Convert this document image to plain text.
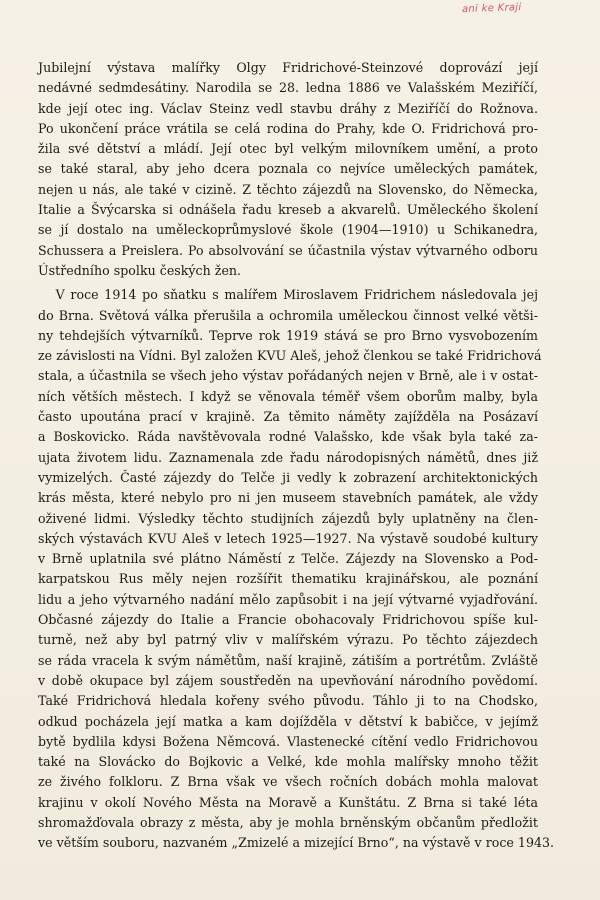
ani ke Kraji
Jubilejní výstava malířky Olgy Fridrichové-Steinzové doprovází její
nedávné sedmdesátiny. Narodila se 28. ledna 1886 ve Valašském Meziříčí,
kde její otec ing. Václav Steinz vedl stavbu dráhy z Meziříčí do Rožnova.
Po ukončení práce vrátila se celá rodina do Prahy, kde O. Fridrichová pro-
žila své dětství a mládí. Její otec byl velkým milovníkem umění, a proto
se také staral, aby jeho dcera poznala co nejvíce uměleckých památek,
nejen u nás, ale také v cizině. Z těchto zájezdů na Slovensko, do Německa,
Italie a Švýcarska si odnášela řadu kreseb a akvarelů. Uměleckého školení
se jí dostalo na uměleckoprůmyslové škole (1904—1910) u Schikanedra,
Schussera a Preislera. Po absolvování se účastnila výstav výtvarného odboru
Ústředního spolku českých žen.
V roce 1914 po sňatku s malířem Miroslavem Fridrichem následovala jej
do Brna. Světová válka přerušila a ochromila uměleckou činnost velké větši-
ny tehdejších výtvarníků. Teprve rok 1919 stává se pro Brno vysvobozením
ze závislosti na Vídni. Byl založen KVU Aleš, jehož členkou se také Fridrichová
stala, a účastnila se všech jeho výstav pořádaných nejen v Brně, ale i v ostat-
ních větších městech. I když se věnovala téměř všem oborům malby, byla
často upoutána prací v krajině. Za těmito náměty zajížděla na Posázaví
a Boskovicko. Ráda navštěvovala rodné Valašsko, kde však byla také za-
ujata životem lidu. Zaznamenala zde řadu národopisných námětů, dnes již
vymizelých. Časté zájezdy do Telče ji vedly k zobrazení architektonických
krás města, které nebylo pro ni jen museem stavebních památek, ale vždy
oživené lidmi. Výsledky těchto studijních zájezdů byly uplatněny na člen-
ských výstavách KVU Aleš v letech 1925—1927. Na výstavě soudobé kultury
v Brně uplatnila své plátno Náměstí z Telče. Zájezdy na Slovensko a Pod-
karpatskou Rus měly nejen rozšířit thematiku krajinářskou, ale poznání
lidu a jeho výtvarného nadání mělo zapůsobit i na její výtvarné vyjadřování.
Občasné zájezdy do Italie a Francie obohacovaly Fridrichovou spíše kul-
turně, než aby byl patrný vliv v malířském výrazu. Po těchto zájezdech
se ráda vracela k svým námětům, naší krajině, zátiším a portrétům. Zvláště
v době okupace byl zájem soustředěn na upevňování národního povědomí.
Také Fridrichová hledala kořeny svého původu. Táhlo ji to na Chodsko,
odkud pocházela její matka a kam dojížděla v dětství k babičce, v jejímž
bytě bydlila kdysi Božena Němcová. Vlastenecké cítění vedlo Fridrichovou
také na Slovácko do Bojkovic a Velké, kde mohla malířsky mnoho těžit
ze živého folkloru. Z Brna však ve všech ročních dobách mohla malovat
krajinu v okolí Nového Města na Moravě a Kunštátu. Z Brna si také léta
shromažďovala obrazy z města, aby je mohla brněnským občanům předložit
ve větším souboru, nazvaném „Zmizelé a mizející Brno“, na výstavě v roce 1943.
